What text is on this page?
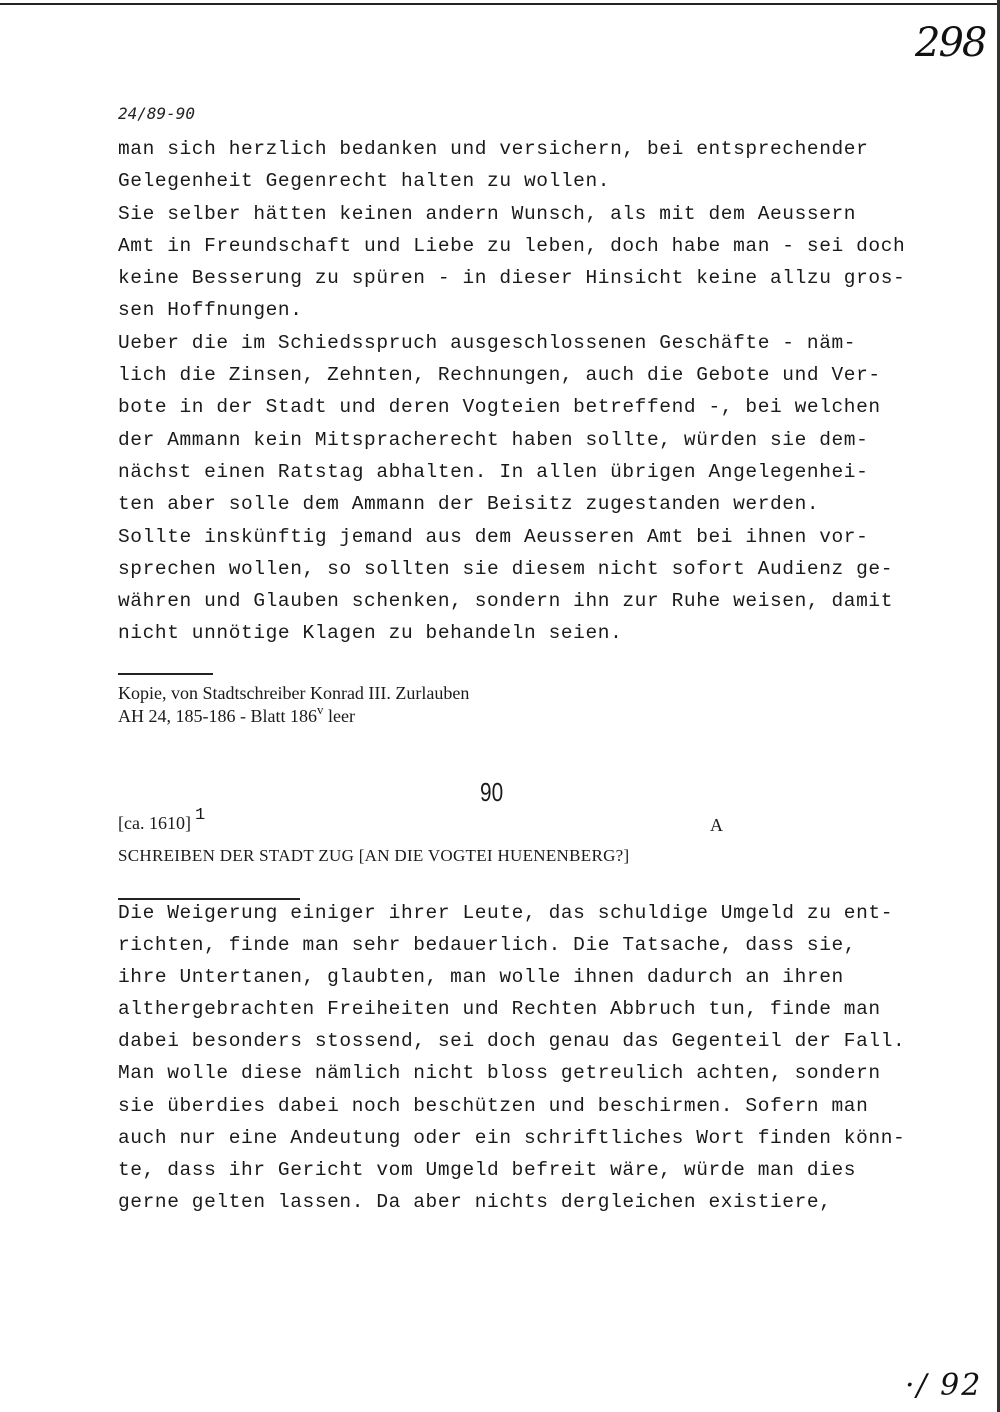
298
24/89-90
man sich herzlich bedanken und versichern, bei entsprechender
Gelegenheit Gegenrecht halten zu wollen.
Sie selber hätten keinen andern Wunsch, als mit dem Aeussern
Amt in Freundschaft und Liebe zu leben, doch habe man - sei doch
keine Besserung zu spüren - in dieser Hinsicht keine allzu gros-
sen Hoffnungen.
Ueber die im Schiedsspruch ausgeschlossenen Geschäfte - näm-
lich die Zinsen, Zehnten, Rechnungen, auch die Gebote und Ver-
bote in der Stadt und deren Vogteien betreffend -, bei welchen
der Ammann kein Mitspracherecht haben sollte, würden sie dem-
nächst einen Ratstag abhalten. In allen übrigen Angelegenhei-
ten aber solle dem Ammann der Beisitz zugestanden werden.
Sollte inskünftig jemand aus dem Aeusseren Amt bei ihnen vor-
sprechen wollen, so sollten sie diesem nicht sofort Audienz ge-
währen und Glauben schenken, sondern ihn zur Ruhe weisen, damit
nicht unnötige Klagen zu behandeln seien.
Kopie, von Stadtschreiber Konrad III. Zurlauben
AH 24, 185-186 - Blatt 186$^v$ leer
90
[ca. 1610] 1	A
SCHREIBEN DER STADT ZUG [AN DIE VOGTEI HUENENBERG?]
Die Weigerung einiger ihrer Leute, das schuldige Umgeld zu ent-
richten, finde man sehr bedauerlich. Die Tatsache, dass sie,
ihre Untertanen, glaubten, man wolle ihnen dadurch an ihren
althergebrachten Freiheiten und Rechten Abbruch tun, finde man
dabei besonders stossend, sei doch genau das Gegenteil der Fall.
Man wolle diese nämlich nicht bloss getreulich achten, sondern
sie überdies dabei noch beschützen und beschirmen. Sofern man
auch nur eine Andeutung oder ein schriftliches Wort finden könn-
te, dass ihr Gericht vom Umgeld befreit wäre, würde man dies
gerne gelten lassen. Da aber nichts dergleichen existiere,
·/ 92
